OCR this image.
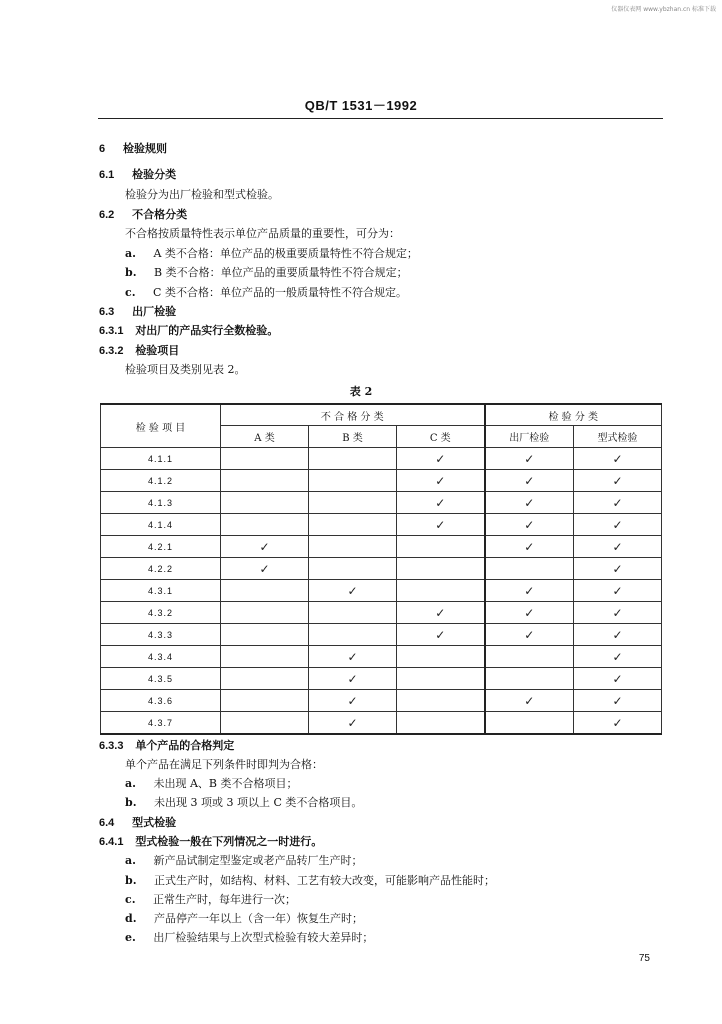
仪器仪表网 www.ybzhan.cn 标准下载
QB/T 1531－1992
6 检验规则
6.1 检验分类
检验分为出厂检验和型式检验。
6.2 不合格分类
不合格按质量特性表示单位产品质量的重要性，可分为：
a. A 类不合格：单位产品的极重要质量特性不符合规定；
b. B 类不合格：单位产品的重要质量特性不符合规定；
c. C 类不合格：单位产品的一般质量特性不符合规定。
6.3 出厂检验
6.3.1 对出厂的产品实行全数检验。
6.3.2 检验项目
检验项目及类别见表 2。
表 2
检 验 项 目	不 合 格 分 类			检 验 分 类	
	A 类	B 类	C 类	出厂检验	型式检验
4.1.1			✓	✓	✓
4.1.2			✓	✓	✓
4.1.3			✓	✓	✓
4.1.4			✓	✓	✓
4.2.1	✓			✓	✓
4.2.2	✓				✓
4.3.1		✓		✓	✓
4.3.2			✓	✓	✓
4.3.3			✓	✓	✓
4.3.4		✓			✓
4.3.5		✓			✓
4.3.6		✓		✓	✓
4.3.7		✓			✓
6.3.3 单个产品的合格判定
单个产品在满足下列条件时即判为合格：
a. 未出现 A、B 类不合格项目；
b. 未出现 3 项或 3 项以上 C 类不合格项目。
6.4 型式检验
6.4.1 型式检验一般在下列情况之一时进行。
a. 新产品试制定型鉴定或老产品转厂生产时；
b. 正式生产时，如结构、材料、工艺有较大改变，可能影响产品性能时；
c. 正常生产时，每年进行一次；
d. 产品停产一年以上（含一年）恢复生产时；
e. 出厂检验结果与上次型式检验有较大差异时；
75
